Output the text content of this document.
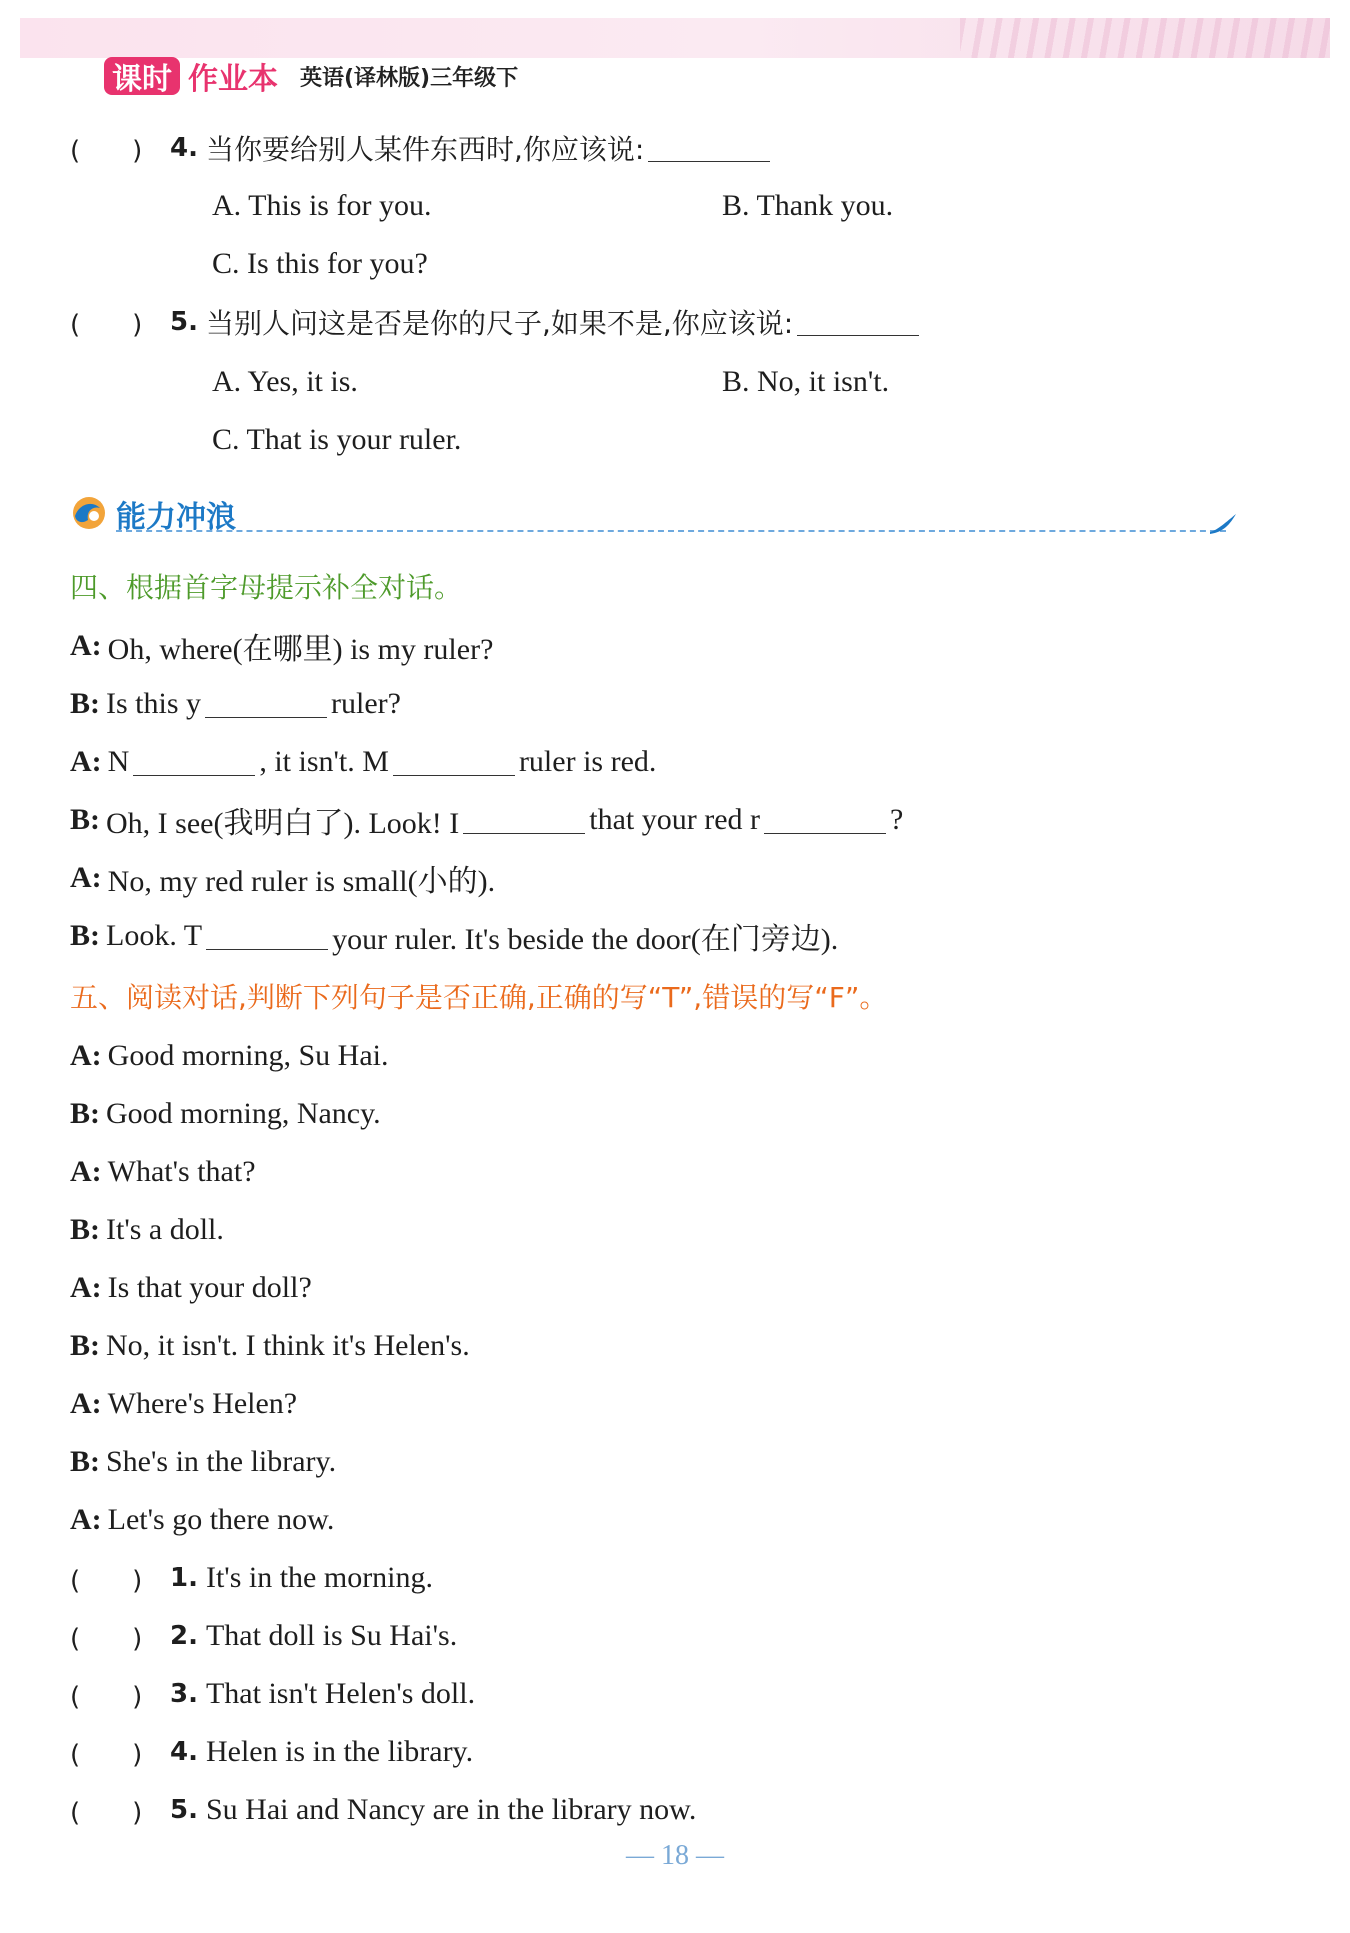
课时 作业本 英语(译林版)三年级下
(　　)	4. 当你要给别人某件东西时,你应该说:
A. This is for you.	B. Thank you.
C. Is this for you?
(　　)	5. 当别人问这是否是你的尺子,如果不是,你应该说:
A. Yes, it is.	B. No, it isn't.
C. That is your ruler.
能力冲浪
四、根据首字母提示补全对话。
A: Oh, where(在哪里) is my ruler?
B: Is this y	ruler?
A: N	, it isn't. M	ruler is red.
B: Oh, I see(我明白了). Look! I	that your red r	?
A: No, my red ruler is small(小的).
B: Look. T	your ruler. It's beside the door(在门旁边).
五、阅读对话,判断下列句子是否正确,正确的写“T”,错误的写“F”。
A: Good morning, Su Hai.
B: Good morning, Nancy.
A: What's that?
B: It's a doll.
A: Is that your doll?
B: No, it isn't. I think it's Helen's.
A: Where's Helen?
B: She's in the library.
A: Let's go there now.
(　　)	1. It's in the morning.
(　　)	2. That doll is Su Hai's.
(　　)	3. That isn't Helen's doll.
(　　)	4. Helen is in the library.
(　　)	5. Su Hai and Nancy are in the library now.
— 18 —
